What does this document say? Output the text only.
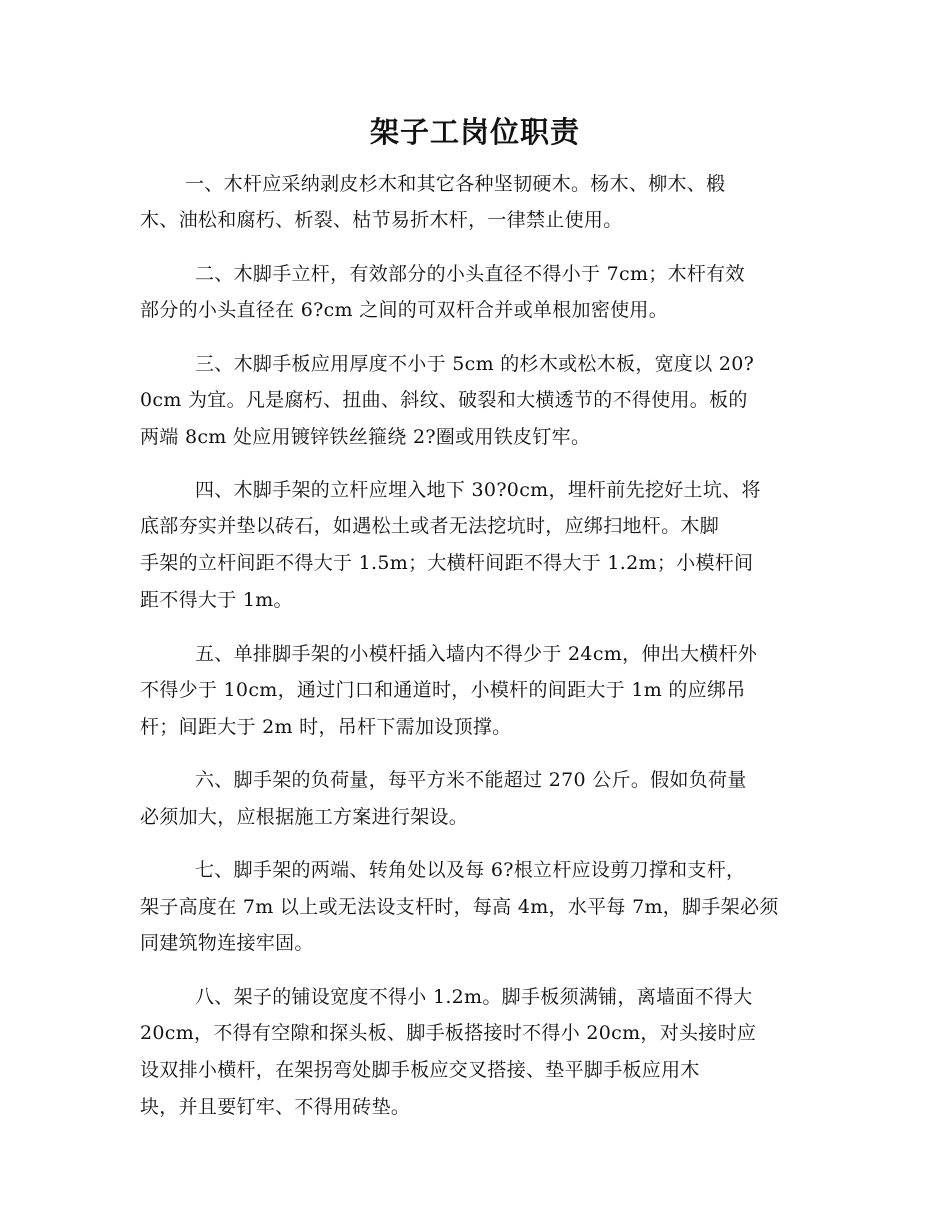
架子工岗位职责
一、木杆应采纳剥皮杉木和其它各种坚韧硬木。杨木、柳木、椴
木、油松和腐朽、析裂、枯节易折木杆，一律禁止使用。
二、木脚手立杆，有效部分的小头直径不得小于 7cm；木杆有效
部分的小头直径在 6?cm 之间的可双杆合并或单根加密使用。
三、木脚手板应用厚度不小于 5cm 的杉木或松木板，宽度以 20?
0cm 为宜。凡是腐朽、扭曲、斜纹、破裂和大横透节的不得使用。板的
两端 8cm 处应用镀锌铁丝箍绕 2?圈或用铁皮钉牢。
四、木脚手架的立杆应埋入地下 30?0cm，埋杆前先挖好土坑、将
底部夯实并垫以砖石，如遇松土或者无法挖坑时，应绑扫地杆。木脚
手架的立杆间距不得大于 1.5m；大横杆间距不得大于 1.2m；小模杆间
距不得大于 1m。
五、单排脚手架的小模杆插入墙内不得少于 24cm，伸出大横杆外
不得少于 10cm，通过门口和通道时，小模杆的间距大于 1m 的应绑吊
杆；间距大于 2m 时，吊杆下需加设顶撑。
六、脚手架的负荷量，每平方米不能超过 270 公斤。假如负荷量
必须加大，应根据施工方案进行架设。
七、脚手架的两端、转角处以及每 6?根立杆应设剪刀撑和支杆，
架子高度在 7m 以上或无法设支杆时，每高 4m，水平每 7m，脚手架必须
同建筑物连接牢固。
八、架子的铺设宽度不得小 1.2m。脚手板须满铺，离墙面不得大
20cm，不得有空隙和探头板、脚手板搭接时不得小 20cm，对头接时应
设双排小横杆，在架拐弯处脚手板应交叉搭接、垫平脚手板应用木
块，并且要钉牢、不得用砖垫。
